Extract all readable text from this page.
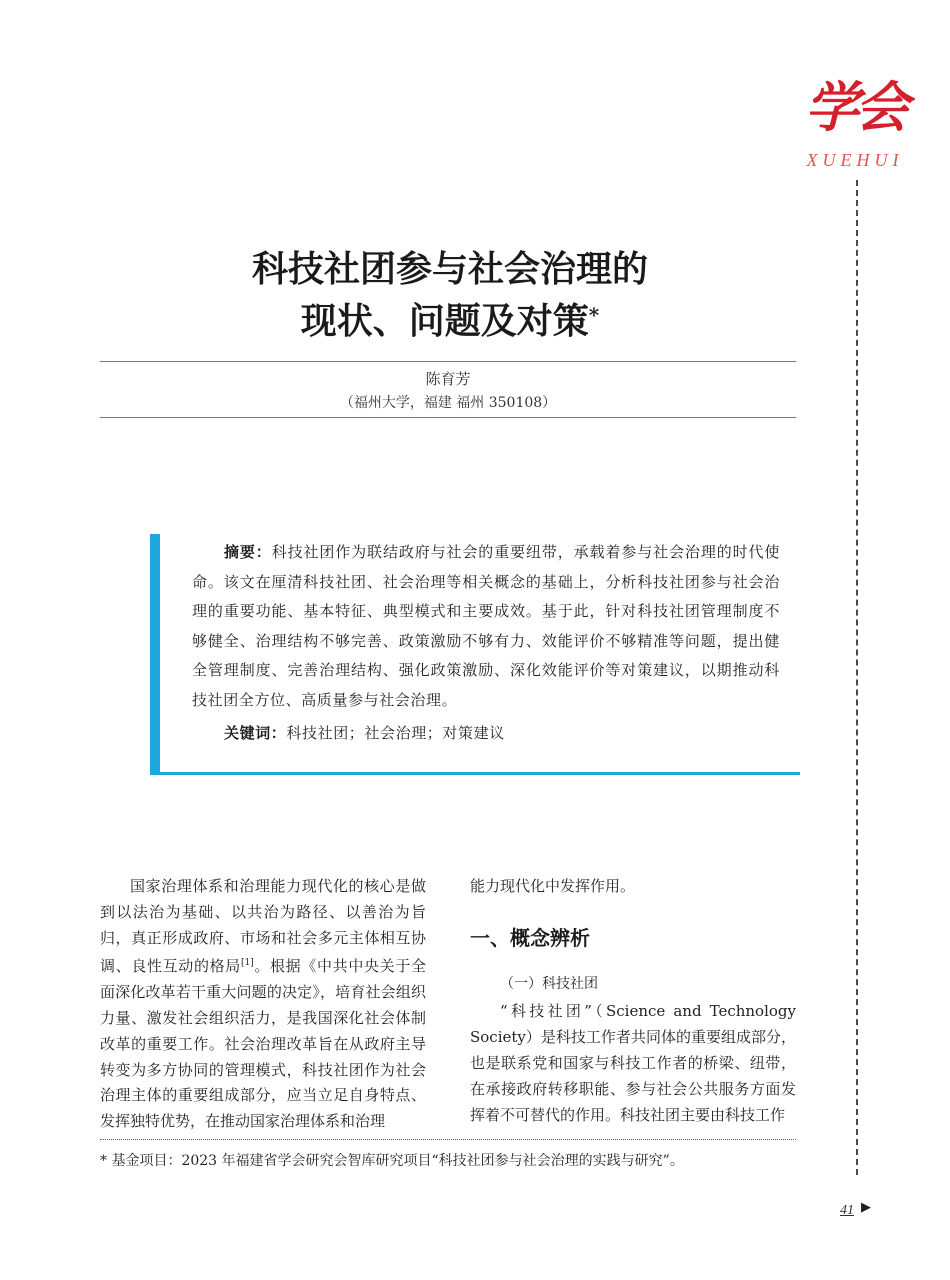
学会
XUEHUI
科技社团参与社会治理的
现状、问题及对策*
陈育芳
（福州大学，福建 福州 350108）

摘要：科技社团作为联结政府与社会的重要纽带，承载着参与社会治理的时代使命。该文在厘清科技社团、社会治理等相关概念的基础上，分析科技社团参与社会治理的重要功能、基本特征、典型模式和主要成效。基于此，针对科技社团管理制度不够健全、治理结构不够完善、政策激励不够有力、效能评价不够精准等问题，提出健全管理制度、完善治理结构、强化政策激励、深化效能评价等对策建议，以期推动科技社团全方位、高质量参与社会治理。

关键词：科技社团；社会治理；对策建议

国家治理体系和治理能力现代化的核心是做到以法治为基础、以共治为路径、以善治为旨归，真正形成政府、市场和社会多元主体相互协调、良性互动的格局[1]。根据《中共中央关于全面深化改革若干重大问题的决定》，培育社会组织力量、激发社会组织活力，是我国深化社会体制改革的重要工作。社会治理改革旨在从政府主导转变为多方协同的管理模式，科技社团作为社会治理主体的重要组成部分，应当立足自身特点、发挥独特优势，在推动国家治理体系和治理

能力现代化中发挥作用。

一、概念辨析

（一）科技社团

“科技社团”（Science and Technology Society）是科技工作者共同体的重要组成部分，也是联系党和国家与科技工作者的桥梁、纽带，在承接政府转移职能、参与社会公共服务方面发挥着不可替代的作用。科技社团主要由科技工作

* 基金项目：2023 年福建省学会研究会智库研究项目“科技社团参与社会治理的实践与研究”。
41 ▶
